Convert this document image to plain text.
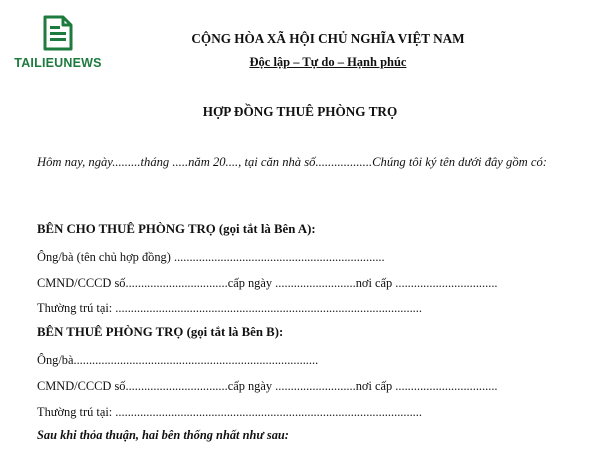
TAILIEUNEWS
CỘNG HÒA XÃ HỘI CHỦ NGHĨA VIỆT NAM
Độc lập – Tự do – Hạnh phúc
HỢP ĐỒNG THUÊ PHÒNG TRỌ
Hôm nay, ngày.........tháng .....năm 20...., tại căn nhà số..................Chúng tôi ký tên dưới đây gồm có:
BÊN CHO THUÊ PHÒNG TRỌ (gọi tắt là Bên A):
Ông/bà (tên chủ hợp đồng) ....................................................................
CMND/CCCD số.................................cấp ngày ..........................nơi cấp .................................
Thường trú tại: ...................................................................................................
BÊN THUÊ PHÒNG TRỌ (gọi tắt là Bên B):
Ông/bà...............................................................................
CMND/CCCD số.................................cấp ngày ..........................nơi cấp .................................
Thường trú tại: ...................................................................................................
Sau khi thỏa thuận, hai bên thống nhất như sau:
